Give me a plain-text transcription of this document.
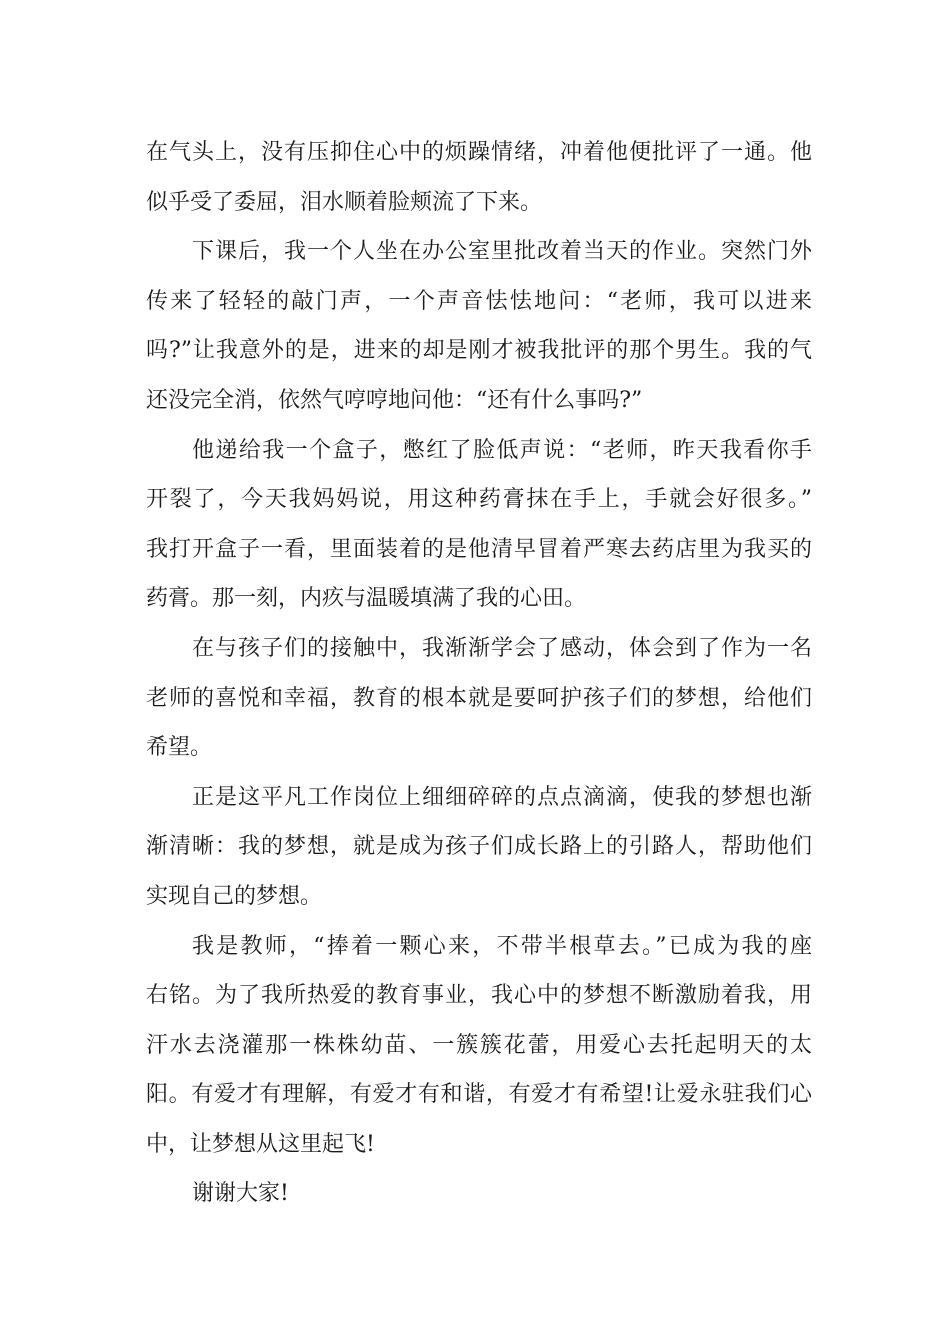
在气头上，没有压抑住心中的烦躁情绪，冲着他便批评了一通。他
似乎受了委屈，泪水顺着脸颊流了下来。
下课后，我一个人坐在办公室里批改着当天的作业。突然门外
传来了轻轻的敲门声，一个声音怯怯地问：“老师，我可以进来
吗?”让我意外的是，进来的却是刚才被我批评的那个男生。我的气
还没完全消，依然气哼哼地问他：“还有什么事吗?”
他递给我一个盒子，憋红了脸低声说：“老师，昨天我看你手
开裂了，今天我妈妈说，用这种药膏抹在手上，手就会好很多。”
我打开盒子一看，里面装着的是他清早冒着严寒去药店里为我买的
药膏。那一刻，内疚与温暖填满了我的心田。
在与孩子们的接触中，我渐渐学会了感动，体会到了作为一名
老师的喜悦和幸福，教育的根本就是要呵护孩子们的梦想，给他们
希望。
正是这平凡工作岗位上细细碎碎的点点滴滴，使我的梦想也渐
渐清晰：我的梦想，就是成为孩子们成长路上的引路人，帮助他们
实现自己的梦想。
我是教师，“捧着一颗心来，不带半根草去。”已成为我的座
右铭。为了我所热爱的教育事业，我心中的梦想不断激励着我，用
汗水去浇灌那一株株幼苗、一簇簇花蕾，用爱心去托起明天的太
阳。有爱才有理解，有爱才有和谐，有爱才有希望!让爱永驻我们心
中，让梦想从这里起飞!
谢谢大家!
